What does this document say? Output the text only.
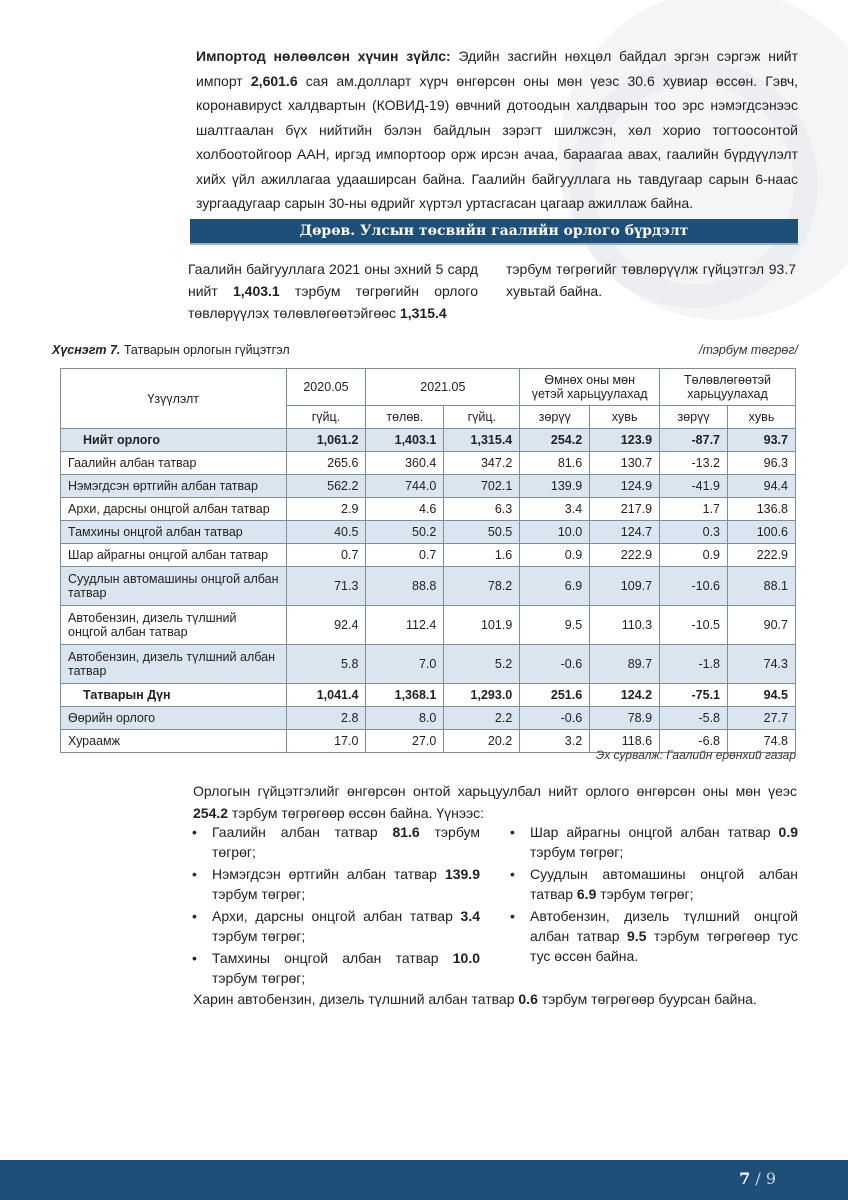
Импортод нөлөөлсөн хүчин зүйлс: Эдийн засгийн нөхцөл байдал эргэн сэргэж нийт импорт 2,601.6 сая ам.долларт хүрч өнгөрсөн оны мөн үеэс 30.6 хувиар өссөн. Гэвч, коронавирусt халдвартын (КОВИД-19) өвчний дотоодын халдварын тоо эрс нэмэгдсэнээс шалтгаалан бүх нийтийн бэлэн байдлын зэрэгт шилжсэн, хөл хорио тогтоосонтой холбоотойгоор ААН, иргэд импортоор орж ирсэн ачаа, бараагаа авах, гаалийн бүрдүүлэлт хийх үйл ажиллагаа удааширсан байна. Гаалийн байгууллага нь тавдугаар сарын 6-наас зургаадугаар сарын 30-ны өдрийг хүртэл уртасгасан цагаар ажиллаж байна.

Дөрөв. Улсын төсвийн гаалийн орлого бүрдэлт
Гаалийн байгууллага 2021 оны эхний 5 сард нийт 1,403.1 тэрбум төгрөгийн орлого төвлөрүүлэх төлөвлөгөөтэйгөөс 1,315.4
тэрбум төгрөгийг төвлөрүүлж гүйцэтгэл 93.7 хувьтай байна.
Хүснэгт 7. Татварын орлогын гүйцэтгэл	/тэрбум төгрөг/
Үзүүлэлт	2020.05	2021.05		Өмнөх оны мөн үетэй харьцуулахад		Төлөвлөгөөтэй харьцуулахад	
	гүйц.	төлөв.	гүйц.	зөрүү	хувь	зөрүү	хувь
Нийт орлого	1,061.2	1,403.1	1,315.4	254.2	123.9	-87.7	93.7
Гаалийн албан татвар	265.6	360.4	347.2	81.6	130.7	-13.2	96.3
Нэмэгдсэн өртгийн албан татвар	562.2	744.0	702.1	139.9	124.9	-41.9	94.4
Архи, дарсны онцгой албан татвар	2.9	4.6	6.3	3.4	217.9	1.7	136.8
Тамхины онцгой албан татвар	40.5	50.2	50.5	10.0	124.7	0.3	100.6
Шар айрагны онцгой албан татвар	0.7	0.7	1.6	0.9	222.9	0.9	222.9
Суудлын автомашины онцгой албан татвар	71.3	88.8	78.2	6.9	109.7	-10.6	88.1
Автобензин, дизель түлшний онцгой албан татвар	92.4	112.4	101.9	9.5	110.3	-10.5	90.7
Автобензин, дизель түлшний албан татвар	5.8	7.0	5.2	-0.6	89.7	-1.8	74.3
Татварын Дүн	1,041.4	1,368.1	1,293.0	251.6	124.2	-75.1	94.5
Өөрийн орлого	2.8	8.0	2.2	-0.6	78.9	-5.8	27.7
Хураамж	17.0	27.0	20.2	3.2	118.6	-6.8	74.8
Эх сурвалж: Гаалийн ерөнхий газар

Орлогын гүйцэтгэлийг өнгөрсөн онтой харьцуулбал нийт орлого өнгөрсөн оны мөн үеэс 254.2 тэрбум төгрөгөөр өссөн байна. Үүнээс:

• Гаалийн албан татвар 81.6 тэрбум төгрөг;
• Нэмэгдсэн өртгийн албан татвар 139.9 тэрбум төгрөг;
• Архи, дарсны онцгой албан татвар 3.4 тэрбум төгрөг;
• Тамхины онцгой албан татвар 10.0 тэрбум төгрөг;
• Шар айрагны онцгой албан татвар 0.9 тэрбум төгрөг;
• Суудлын автомашины онцгой албан татвар 6.9 тэрбум төгрөг;
• Автобензин, дизель түлшний онцгой албан татвар 9.5 тэрбум төгрөгөөр тус тус өссөн байна.

Харин автобензин, дизель түлшний албан татвар 0.6 тэрбум төгрөгөөр буурсан байна.

7 / 9
